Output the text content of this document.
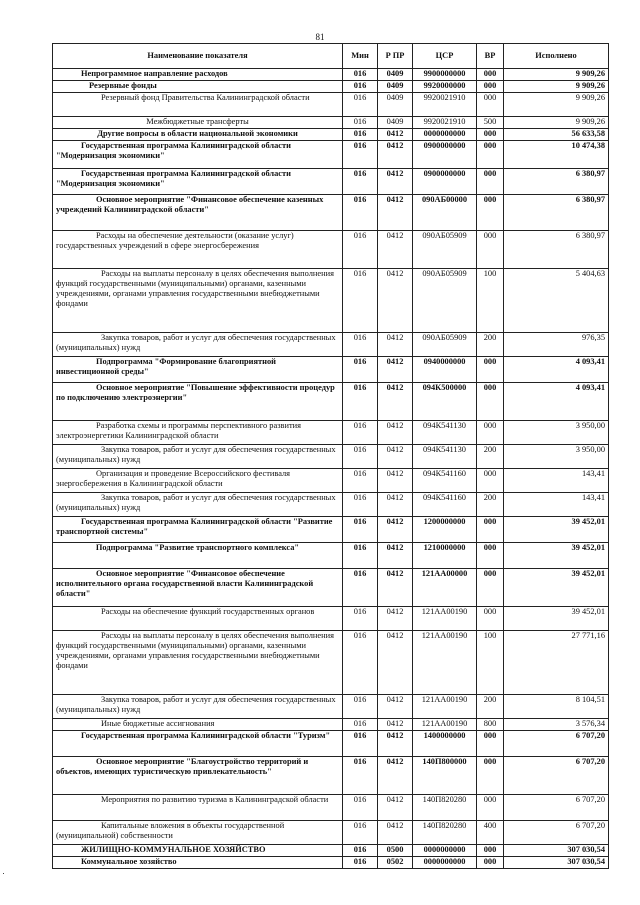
81
Наименование показателя	Мин	Р ПР	ЦСР	ВР	Исполнено
Непрограммное направление расходов	016	0409	9900000000	000	9 909,26
Резервные фонды	016	0409	9920000000	000	9 909,26
Резервный фонд Правительства Калининградской области	016	0409	9920021910	000	9 909,26
Межбюджетные трансферты	016	0409	9920021910	500	9 909,26
Другие вопросы в области национальной экономики	016	0412	0000000000	000	56 633,58
Государственная программа Калининградской области "Модернизация экономики"	016	0412	0900000000	000	10 474,38
Государственная программа Калининградской области "Модернизация экономики"	016	0412	0900000000	000	6 380,97
Основное мероприятие "Финансовое обеспечение казенных учреждений Калининградской области"	016	0412	090АБ00000	000	6 380,97
Расходы на обеспечение деятельности (оказание услуг) государственных учреждений в сфере энергосбережения	016	0412	090АБ05909	000	6 380,97
Расходы на выплаты персоналу в целях обеспечения выполнения функций государственными (муниципальными) органами, казенными учреждениями, органами управления государственными внебюджетными фондами	016	0412	090АБ05909	100	5 404,63
Закупка товаров, работ и услуг для обеспечения государственных (муниципальных) нужд	016	0412	090АБ05909	200	976,35
Подпрограмма "Формирование благоприятной инвестиционной среды"	016	0412	0940000000	000	4 093,41
Основное мероприятие "Повышение эффективности процедур по подключению электроэнергии"	016	0412	094К500000	000	4 093,41
Разработка схемы и программы перспективного развития электроэнергетики Калининградской области	016	0412	094К541130	000	3 950,00
Закупка товаров, работ и услуг для обеспечения государственных (муниципальных) нужд	016	0412	094К541130	200	3 950,00
Организация и проведение Всероссийского фестиваля энергосбережения в Калининградской области	016	0412	094К541160	000	143,41
Закупка товаров, работ и услуг для обеспечения государственных (муниципальных) нужд	016	0412	094К541160	200	143,41
Государственная программа Калининградской области "Развитие транспортной системы"	016	0412	1200000000	000	39 452,01
Подпрограмма "Развитие транспортного комплекса"	016	0412	1210000000	000	39 452,01
Основное мероприятие "Финансовое обеспечение исполнительного органа государственной власти Калининградской области"	016	0412	121АА00000	000	39 452,01
Расходы на обеспечение функций государственных органов	016	0412	121АА00190	000	39 452,01
Расходы на выплаты персоналу в целях обеспечения выполнения функций государственными (муниципальными) органами, казенными учреждениями, органами управления государственными внебюджетными фондами	016	0412	121АА00190	100	27 771,16
Закупка товаров, работ и услуг для обеспечения государственных (муниципальных) нужд	016	0412	121АА00190	200	8 104,51
Иные бюджетные ассигнования	016	0412	121АА00190	800	3 576,34
Государственная программа Калининградской области "Туризм"	016	0412	1400000000	000	6 707,20
Основное мероприятие "Благоустройство территорий и объектов, имеющих туристическую привлекательность"	016	0412	140П800000	000	6 707,20
Мероприятия по развитию туризма в Калининградской области	016	0412	140П820280	000	6 707,20
Капитальные вложения в объекты государственной (муниципальной) собственности	016	0412	140П820280	400	6 707,20
ЖИЛИЩНО-КОММУНАЛЬНОЕ ХОЗЯЙСТВО	016	0500	0000000000	000	307 030,54
Коммунальное хозяйство	016	0502	0000000000	000	307 030,54
